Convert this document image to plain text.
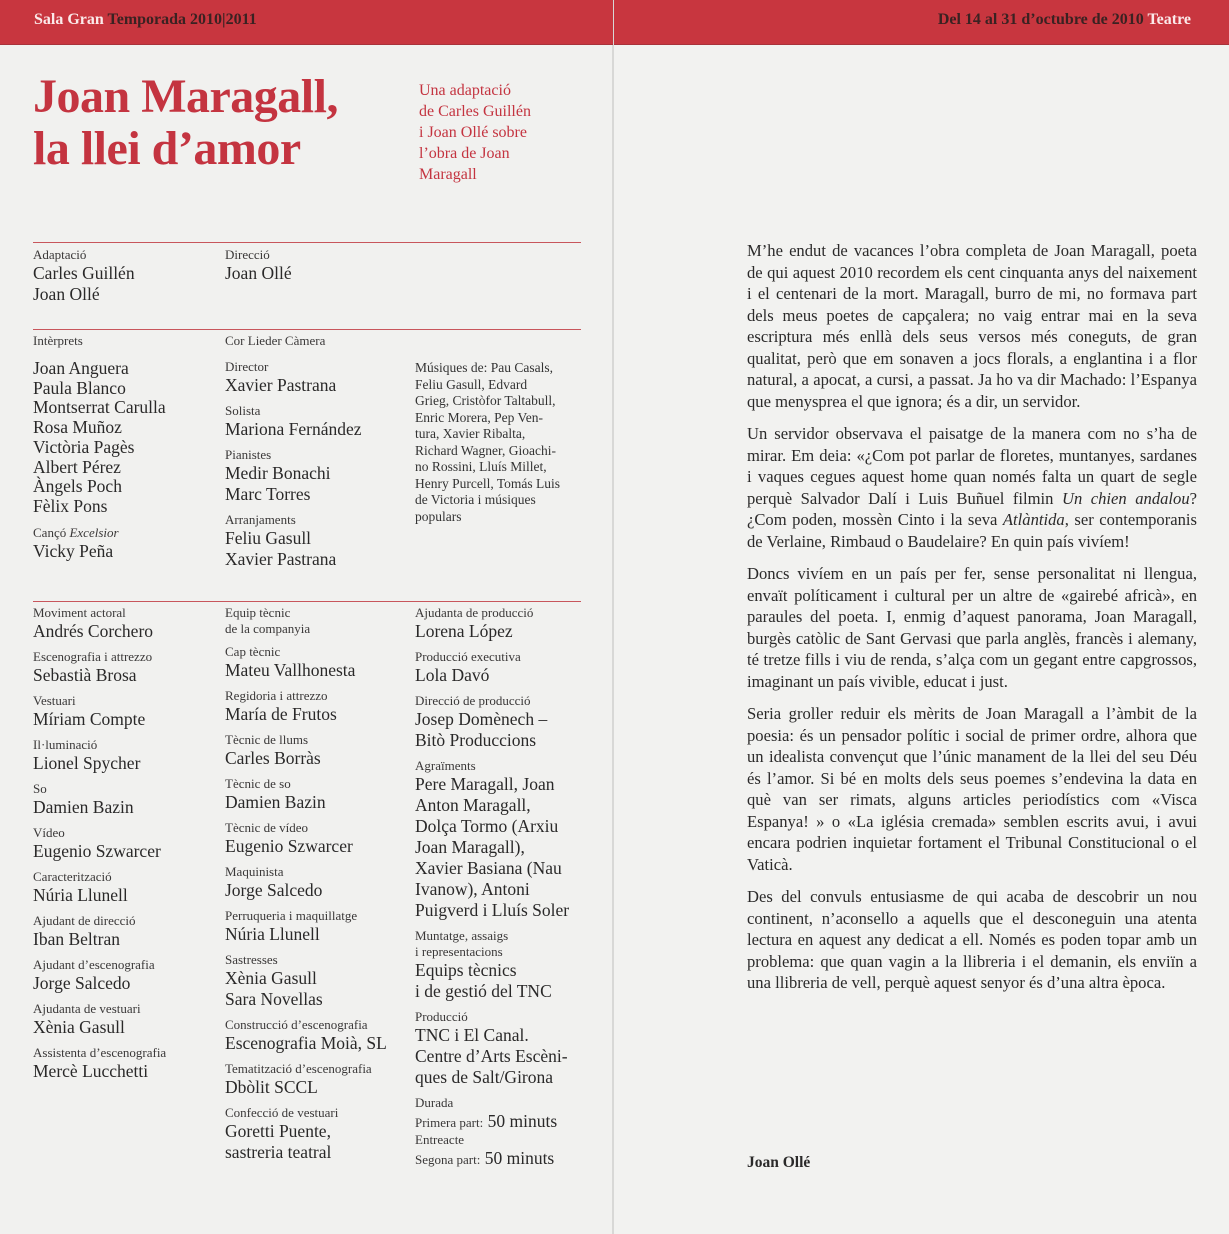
Sala Gran Temporada 2010|2011	Del 14 al 31 d’octubre de 2010 Teatre
Joan Maragall,
la llei d’amor
Una adaptació
de Carles Guillén
i Joan Ollé sobre
l’obra de Joan
Maragall
Adaptació
Carles Guillén
Joan Ollé
Direcció
Joan Ollé
Intèrprets
Joan Anguera
Paula Blanco
Montserrat Carulla
Rosa Muñoz
Victòria Pagès
Albert Pérez
Àngels Poch
Fèlix Pons
Cançó Excelsior
Vicky Peña
Cor Lieder Càmera
Director
Xavier Pastrana
Solista
Mariona Fernández
Pianistes
Medir Bonachi
Marc Torres
Arranjaments
Feliu Gasull
Xavier Pastrana
Músiques de: Pau Casals,
Feliu Gasull, Edvard
Grieg, Cristòfor Taltabull,
Enric Morera, Pep Ven-
tura, Xavier Ribalta,
Richard Wagner, Gioachi-
no Rossini, Lluís Millet,
Henry Purcell, Tomás Luis
de Victoria i músiques
populars
Moviment actoral
Andrés Corchero
Escenografia i attrezzo
Sebastià Brosa
Vestuari
Míriam Compte
Il·luminació
Lionel Spycher
So
Damien Bazin
Vídeo
Eugenio Szwarcer
Caracterització
Núria Llunell
Ajudant de direcció
Iban Beltran
Ajudant d’escenografia
Jorge Salcedo
Ajudanta de vestuari
Xènia Gasull
Assistenta d’escenografia
Mercè Lucchetti
Equip tècnic
de la companyia
Cap tècnic
Mateu Vallhonesta
Regidoria i attrezzo
María de Frutos
Tècnic de llums
Carles Borràs
Tècnic de so
Damien Bazin
Tècnic de vídeo
Eugenio Szwarcer
Maquinista
Jorge Salcedo
Perruqueria i maquillatge
Núria Llunell
Sastresses
Xènia Gasull
Sara Novellas
Construcció d’escenografia
Escenografia Moià, SL
Tematització d’escenografia
Dbòlit SCCL
Confecció de vestuari
Goretti Puente,
sastreria teatral
Ajudanta de producció
Lorena López
Producció executiva
Lola Davó
Direcció de producció
Josep Domènech –
Bitò Produccions
Agraïments
Pere Maragall, Joan
Anton Maragall,
Dolça Tormo (Arxiu
Joan Maragall),
Xavier Basiana (Nau
Ivanow), Antoni
Puigverd i Lluís Soler
Muntatge, assaigs
i representacions
Equips tècnics
i de gestió del TNC
Producció
TNC i El Canal.
Centre d’Arts Escèni-
ques de Salt/Girona
Durada
Primera part: 50 minuts
Entreacte
Segona part: 50 minuts

M’he endut de vacances l’obra completa de Joan Maragall, poeta de qui aquest 2010 recordem els cent cinquanta anys del naixement i el centenari de la mort. Maragall, burro de mi, no formava part dels meus poetes de capçalera; no vaig entrar mai en la seva escriptura més enllà dels seus versos més coneguts, de gran qualitat, però que em sonaven a jocs florals, a englantina i a flor natural, a apocat, a cursi, a passat. Ja ho va dir Machado: l’Espanya que menysprea el que ignora; és a dir, un servidor.

Un servidor observava el paisatge de la manera com no s’ha de mirar. Em deia: «¿Com pot parlar de floretes, muntanyes, sardanes i vaques cegues aquest home quan només falta un quart de segle perquè Salvador Dalí i Luis Buñuel filmin Un chien andalou? ¿Com poden, mossèn Cinto i la seva Atlàntida, ser contemporanis de Verlaine, Rimbaud o Baudelaire? En quin país vivíem!

Doncs vivíem en un país per fer, sense personalitat ni llengua, envaït políticament i cultural per un altre de «gairebé africà», en paraules del poeta. I, enmig d’aquest panorama, Joan Maragall, burgès catòlic de Sant Gervasi que parla anglès, francès i alemany, té tretze fills i viu de renda, s’alça com un gegant entre capgrossos, imaginant un país vivible, educat i just.

Seria groller reduir els mèrits de Joan Maragall a l’àmbit de la poesia: és un pensador polític i social de primer ordre, alhora que un idealista convençut que l’únic manament de la llei del seu Déu és l’amor. Si bé en molts dels seus poemes s’endevina la data en què van ser rimats, alguns articles periodístics com «Visca Espanya! » o «La iglésia cremada» semblen escrits avui, i avui encara podrien inquietar fortament el Tribunal Constitucional o el Vaticà.

Des del convuls entusiasme de qui acaba de descobrir un nou continent, n’aconsello a aquells que el desconeguin una atenta lectura en aquest any dedicat a ell. Només es poden topar amb un problema: que quan vagin a la llibreria i el demanin, els enviïn a una llibreria de vell, perquè aquest senyor és d’una altra època.

Joan Ollé
